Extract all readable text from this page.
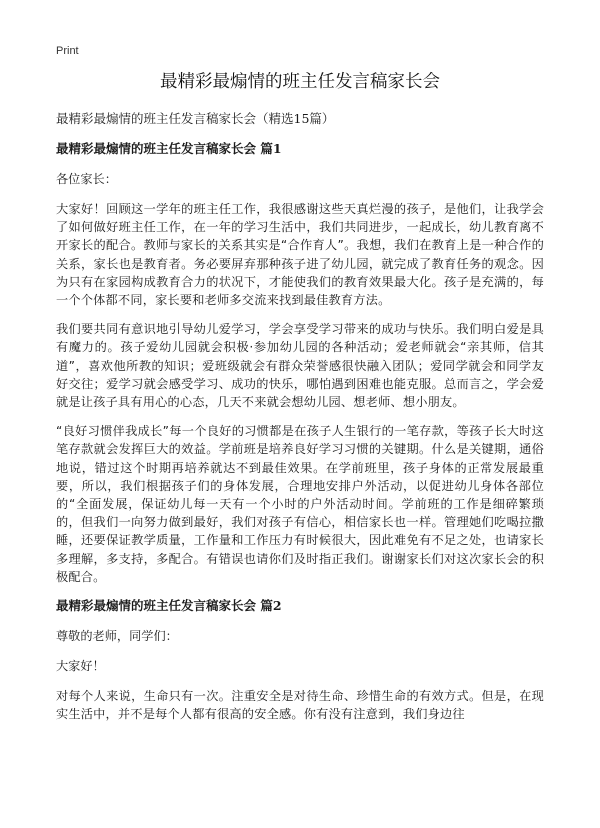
Print
最精彩最煽情的班主任发言稿家长会
最精彩最煽情的班主任发言稿家长会（精选15篇）
最精彩最煽情的班主任发言稿家长会 篇1
各位家长：

大家好！回顾这一学年的班主任工作，我很感谢这些天真烂漫的孩子，是他们，让我学会了如何做好班主任工作，在一年的学习生活中，我们共同进步，一起成长，幼儿教育离不开家长的配合。教师与家长的关系其实是“合作育人”。我想，我们在教育上是一种合作的关系，家长也是教育者。务必要屏弃那种孩子进了幼儿园，就完成了教育任务的观念。因为只有在家园构成教育合力的状况下，才能使我们的教育效果最大化。孩子是充满的，每一个个体都不同，家长要和老师多交流来找到最佳教育方法。

我们要共同有意识地引导幼儿爱学习，学会享受学习带来的成功与快乐。我们明白爱是具有魔力的。孩子爱幼儿园就会积极·参加幼儿园的各种活动；爱老师就会“亲其师，信其道”，喜欢他所教的知识；爱班级就会有群众荣誉感很快融入团队；爱同学就会和同学友好交往；爱学习就会感受学习、成功的快乐，哪怕遇到困难也能克服。总而言之，学会爱就是让孩子具有用心的心态，几天不来就会想幼儿园、想老师、想小朋友。

“良好习惯伴我成长”每一个良好的习惯都是在孩子人生银行的一笔存款，等孩子长大时这笔存款就会发挥巨大的效益。学前班是培养良好学习习惯的关键期。什么是关键期，通俗地说，错过这个时期再培养就达不到最佳效果。在学前班里，孩子身体的正常发展最重要，所以，我们根据孩子们的身体发展，合理地安排户外活动，以促进幼儿身体各部位的“全面发展，保证幼儿每一天有一个小时的户外活动时间。学前班的工作是细碎繁琐的，但我们一向努力做到最好，我们对孩子有信心，相信家长也一样。管理她们吃喝拉撒睡，还要保证教学质量，工作量和工作压力有时候很大，因此难免有不足之处，也请家长多理解，多支持，多配合。有错误也请你们及时指正我们。谢谢家长们对这次家长会的积极配合。

最精彩最煽情的班主任发言稿家长会 篇2
尊敬的老师，同学们：
大家好！

对每个人来说，生命只有一次。注重安全是对待生命、珍惜生命的有效方式。但是，在现实生活中，并不是每个人都有很高的安全感。你有没有注意到，我们身边往
